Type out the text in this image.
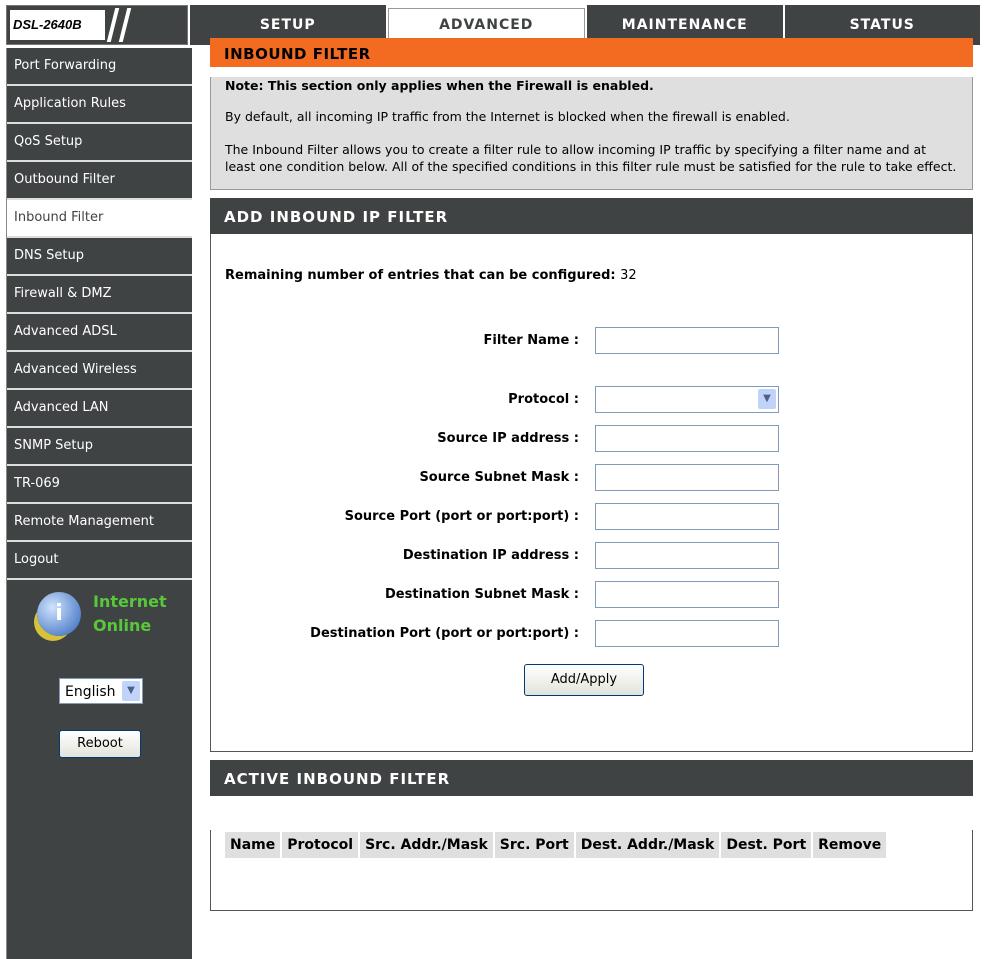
DSL-2640B	SETUP	ADVANCED	MAINTENANCE	STATUS
Port Forwarding
Application Rules
QoS Setup
Outbound Filter
Inbound Filter
DNS Setup
Firewall & DMZ
Advanced ADSL
Advanced Wireless
Advanced LAN
SNMP Setup
TR-069
Remote Management
Logout
i	Internet
Online
English	▼
Reboot
INBOUND FILTER

Note: This section only applies when the Firewall is enabled.

By default, all incoming IP traffic from the Internet is blocked when the firewall is enabled.

The Inbound Filter allows you to create a filter rule to allow incoming IP traffic by specifying a filter name and at least one condition below. All of the specified conditions in this filter rule must be satisfied for the rule to take effect.

ADD INBOUND IP FILTER
Remaining number of entries that can be configured: 32
Filter Name :
Protocol :	▼
Source IP address :
Source Subnet Mask :
Source Port (port or port:port) :
Destination IP address :
Destination Subnet Mask :
Destination Port (port or port:port) :
Add/Apply
ACTIVE INBOUND FILTER
Name	Protocol	Src. Addr./Mask	Src. Port	Dest. Addr./Mask	Dest. Port	Remove
